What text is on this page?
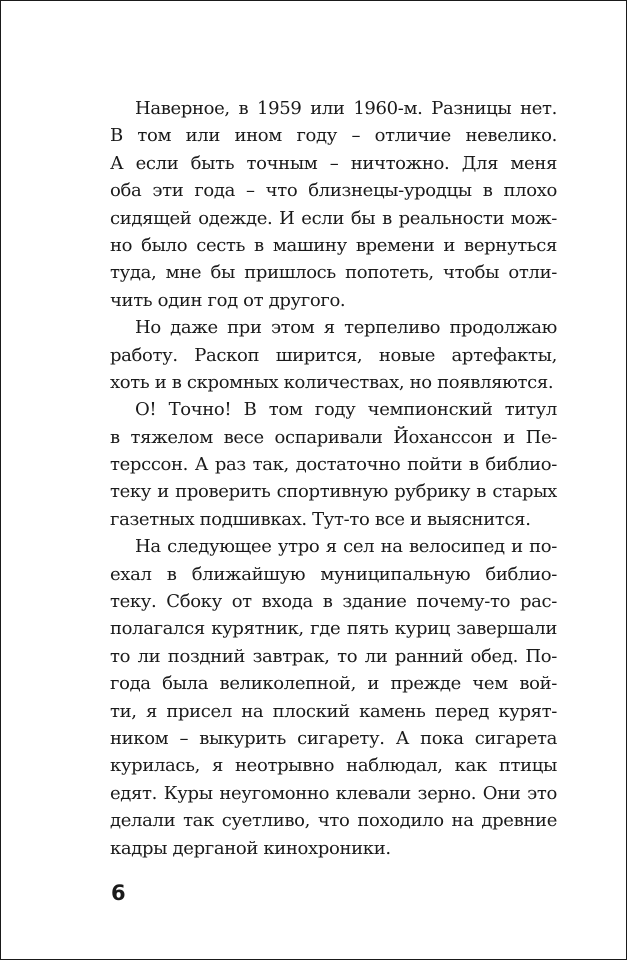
Наверное, в 1959 или 1960-м. Разницы нет.
В том или ином году – отличие невелико.
А если быть точным – ничтожно. Для меня
оба эти года – что близнецы-уродцы в плохо
сидящей одежде. И если бы в реальности мож-
но было сесть в машину времени и вернуться
туда, мне бы пришлось попотеть, чтобы отли-
чить один год от другого.
Но даже при этом я терпеливо продолжаю
работу. Раскоп ширится, новые артефакты,
хоть и в скромных количествах, но появляются.
О! Точно! В том году чемпионский титул
в тяжелом весе оспаривали Йохансcон и Пе-
терссон. А раз так, достаточно пойти в библио-
теку и проверить спортивную рубрику в старых
газетных подшивках. Тут-то все и выяснится.
На следующее утро я сел на велосипед и по-
ехал в ближайшую муниципальную библио-
теку. Сбоку от входа в здание почему-то рас-
полагался курятник, где пять куриц завершали
то ли поздний завтрак, то ли ранний обед. По-
года была великолепной, и прежде чем вой-
ти, я присел на плоский камень перед курят-
ником – выкурить сигарету. А пока сигарета
курилась, я неотрывно наблюдал, как птицы
едят. Куры неугомонно клевали зерно. Они это
делали так суетливо, что походило на древние
кадры дерганой кинохроники.
6
